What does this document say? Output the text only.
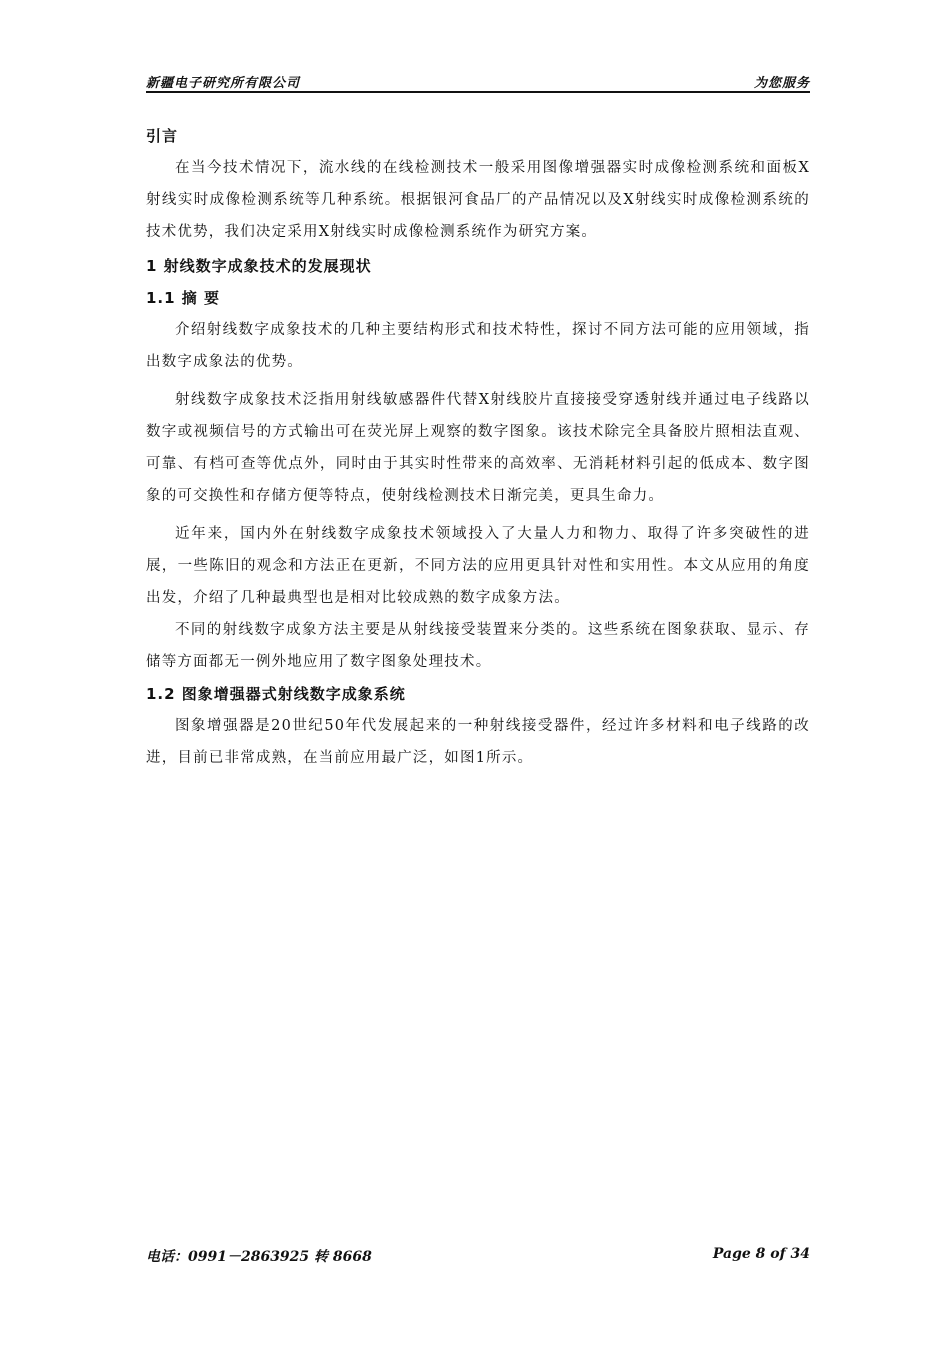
新疆电子研究所有限公司	为您服务

引言

在当今技术情况下，流水线的在线检测技术一般采用图像增强器实时成像检测系统和面板X射线实时成像检测系统等几种系统。根据银河食品厂的产品情况以及X射线实时成像检测系统的技术优势，我们决定采用X射线实时成像检测系统作为研究方案。

1 射线数字成象技术的发展现状

1.1 摘 要

介绍射线数字成象技术的几种主要结构形式和技术特性，探讨不同方法可能的应用领域，指出数字成象法的优势。

射线数字成象技术泛指用射线敏感器件代替X射线胶片直接接受穿透射线并通过电子线路以数字或视频信号的方式输出可在荧光屏上观察的数字图象。该技术除完全具备胶片照相法直观、可靠、有档可查等优点外，同时由于其实时性带来的高效率、无消耗材料引起的低成本、数字图象的可交换性和存储方便等特点，使射线检测技术日渐完美，更具生命力。

近年来，国内外在射线数字成象技术领域投入了大量人力和物力、取得了许多突破性的进展，一些陈旧的观念和方法正在更新，不同方法的应用更具针对性和实用性。本文从应用的角度出发，介绍了几种最典型也是相对比较成熟的数字成象方法。

不同的射线数字成象方法主要是从射线接受装置来分类的。这些系统在图象获取、显示、存储等方面都无一例外地应用了数字图象处理技术。

1.2 图象增强器式射线数字成象系统

图象增强器是20世纪50年代发展起来的一种射线接受器件，经过许多材料和电子线路的改进，目前已非常成熟，在当前应用最广泛，如图1所示。

电话：0991－2863925 转 8668	Page 8 of 34
